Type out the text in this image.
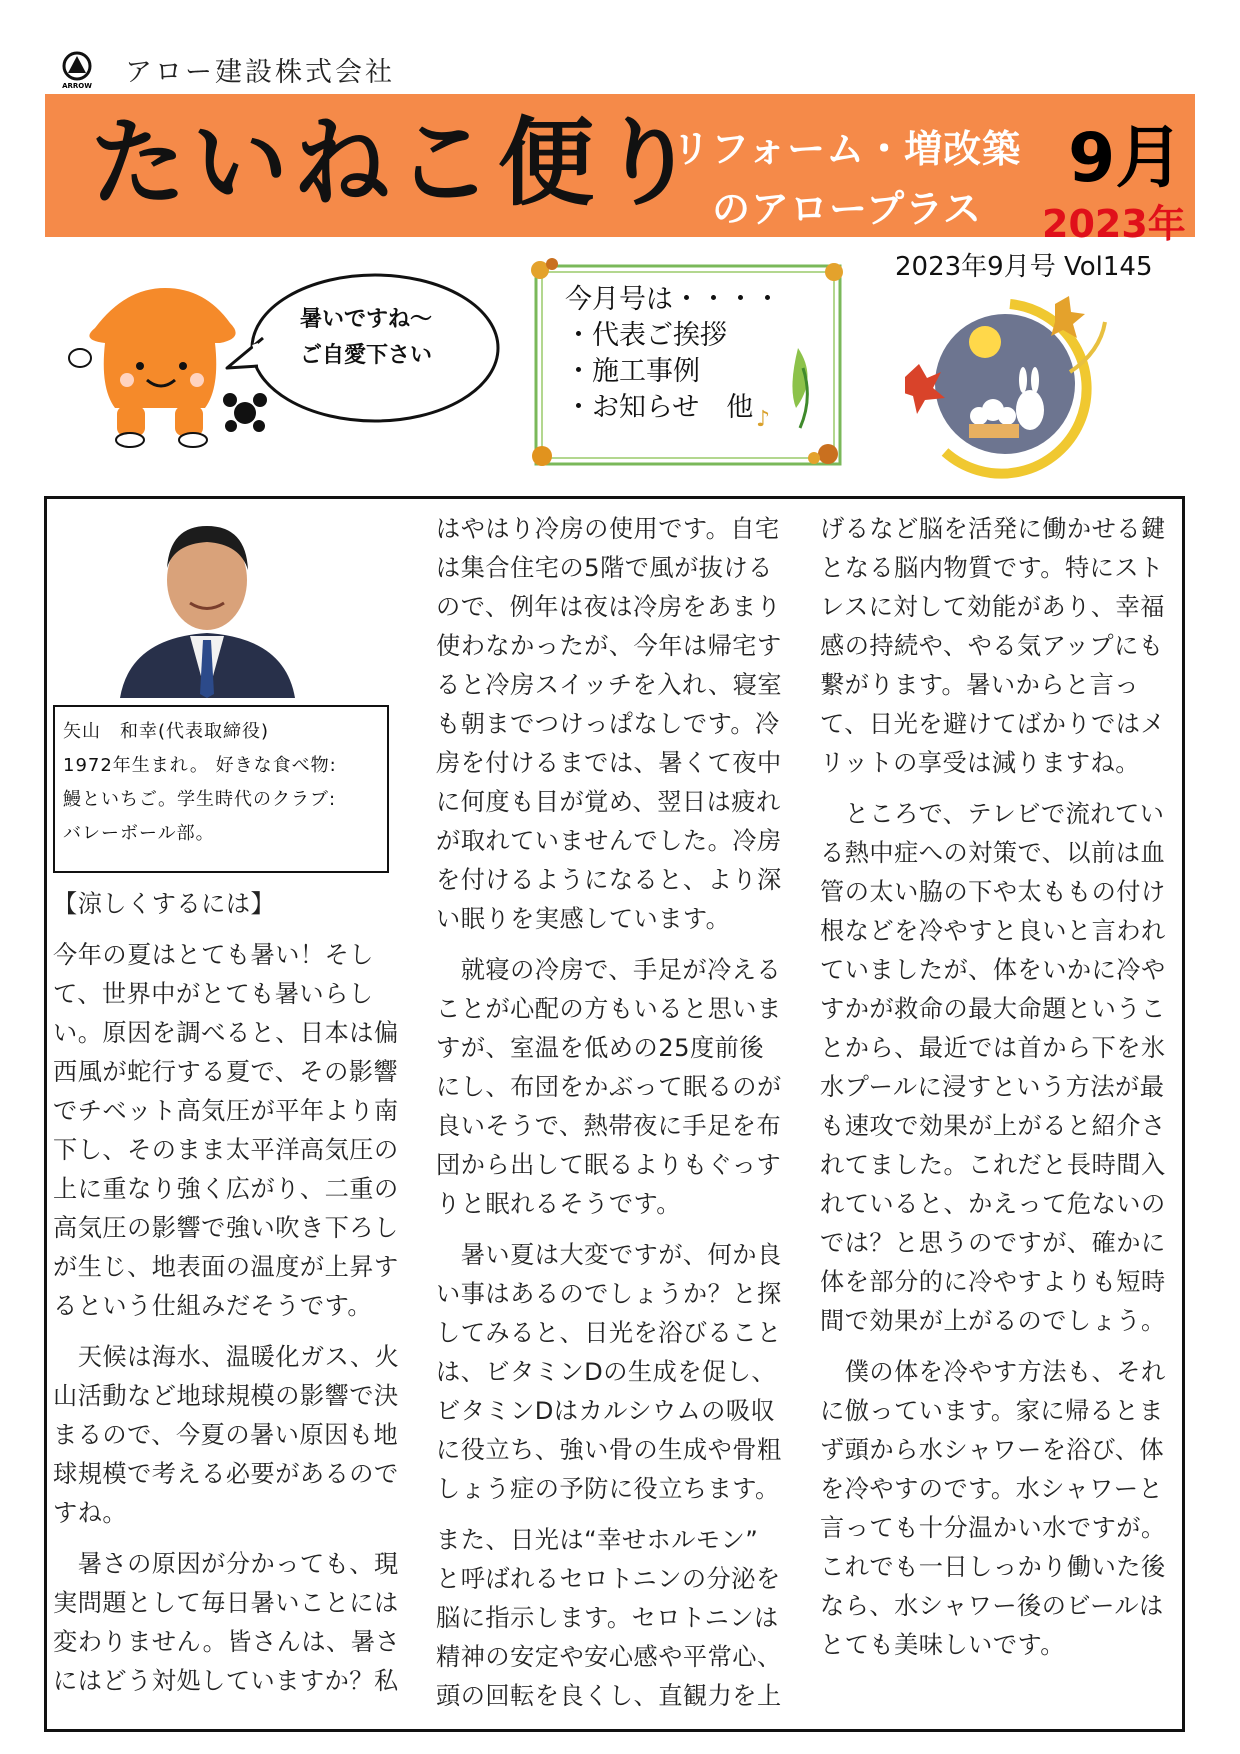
ARROW アロー建設株式会社
たいねこ便り
リフォーム・増改築
のアロープラス
9月
2023年
2023年9月号 Vol145
暑いですね～
ご自愛下さい
♪
今月号は・・・・
・代表ご挨拶
・施工事例
・お知らせ　他
矢山　和幸(代表取締役)
1972年生まれ。 好きな食べ物:
鰻といちご。学生時代のクラブ:
バレーボール部。
【涼しくするには】
今年の夏はとても暑い！そし
て、世界中がとても暑いらし
い。原因を調べると、日本は偏
西風が蛇行する夏で、その影響
でチベット高気圧が平年より南
下し、そのまま太平洋高気圧の
上に重なり強く広がり、二重の
高気圧の影響で強い吹き下ろし
が生じ、地表面の温度が上昇す
るという仕組みだそうです。
　天候は海水、温暖化ガス、火
山活動など地球規模の影響で決
まるので、今夏の暑い原因も地
球規模で考える必要があるので
すね。
　暑さの原因が分かっても、現
実問題として毎日暑いことには
変わりません。皆さんは、暑さ
にはどう対処していますか？私
はやはり冷房の使用です。自宅
は集合住宅の5階で風が抜ける
ので、例年は夜は冷房をあまり
使わなかったが、今年は帰宅す
ると冷房スイッチを入れ、寝室
も朝までつけっぱなしです。冷
房を付けるまでは、暑くて夜中
に何度も目が覚め、翌日は疲れ
が取れていませんでした。冷房
を付けるようになると、より深
い眠りを実感しています。
　就寝の冷房で、手足が冷える
ことが心配の方もいると思いま
すが、室温を低めの25度前後
にし、布団をかぶって眠るのが
良いそうで、熱帯夜に手足を布
団から出して眠るよりもぐっす
りと眠れるそうです。
　暑い夏は大変ですが、何か良
い事はあるのでしょうか？と探
してみると、日光を浴びること
は、ビタミンDの生成を促し、
ビタミンDはカルシウムの吸収
に役立ち、強い骨の生成や骨粗
しょう症の予防に役立ちます。
また、日光は“幸せホルモン”
と呼ばれるセロトニンの分泌を
脳に指示します。セロトニンは
精神の安定や安心感や平常心、
頭の回転を良くし、直観力を上
げるなど脳を活発に働かせる鍵
となる脳内物質です。特にスト
レスに対して効能があり、幸福
感の持続や、やる気アップにも
繋がります。暑いからと言っ
て、日光を避けてばかりではメ
リットの享受は減りますね。
　ところで、テレビで流れてい
る熱中症への対策で、以前は血
管の太い脇の下や太ももの付け
根などを冷やすと良いと言われ
ていましたが、体をいかに冷や
すかが救命の最大命題というこ
とから、最近では首から下を氷
水プールに浸すという方法が最
も速攻で効果が上がると紹介さ
れてました。これだと長時間入
れていると、かえって危ないの
では？と思うのですが、確かに
体を部分的に冷やすよりも短時
間で効果が上がるのでしょう。
　僕の体を冷やす方法も、それ
に倣っています。家に帰るとま
ず頭から水シャワーを浴び、体
を冷やすのです。水シャワーと
言っても十分温かい水ですが。
これでも一日しっかり働いた後
なら、水シャワー後のビールは
とても美味しいです。
